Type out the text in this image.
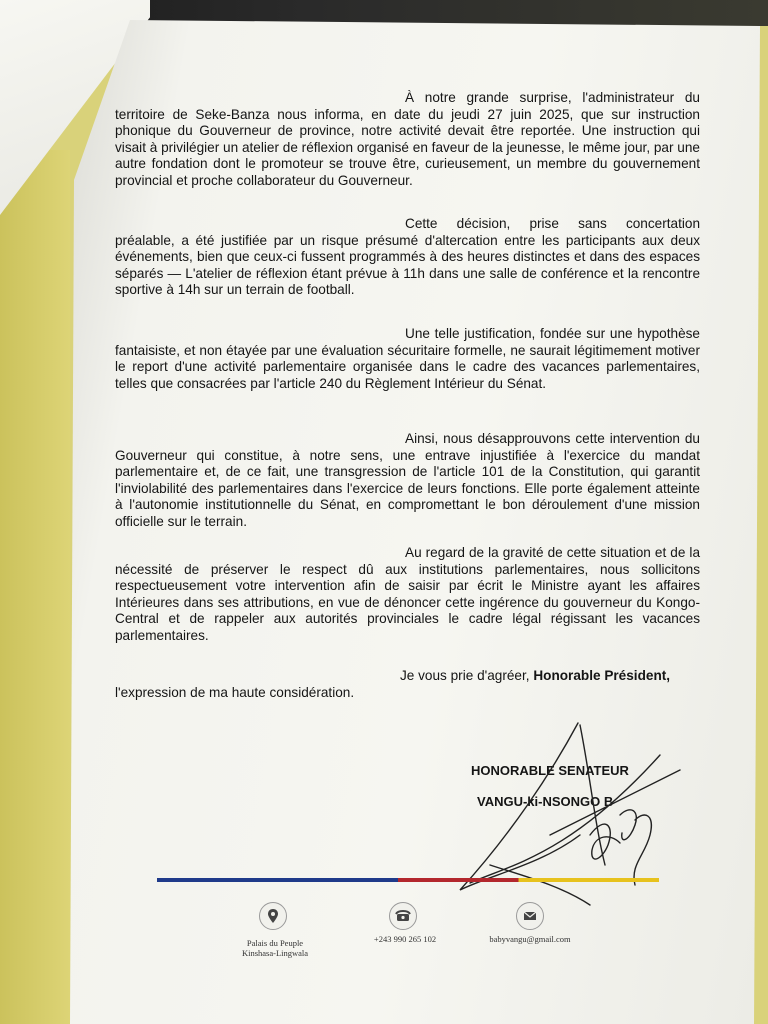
À notre grande surprise, l'administrateur du territoire de Seke-Banza nous informa, en date du jeudi 27 juin 2025, que sur instruction phonique du Gouverneur de province, notre activité devait être reportée. Une instruction qui visait à privilégier un atelier de réflexion organisé en faveur de la jeunesse, le même jour, par une autre fondation dont le promoteur se trouve être, curieusement, un membre du gouvernement provincial et proche collaborateur du Gouverneur.

Cette décision, prise sans concertation préalable, a été justifiée par un risque présumé d'altercation entre les participants aux deux événements, bien que ceux-ci fussent programmés à des heures distinctes et dans des espaces séparés — L'atelier de réflexion étant prévue à 11h dans une salle de conférence et la rencontre sportive à 14h sur un terrain de football.

Une telle justification, fondée sur une hypothèse fantaisiste, et non étayée par une évaluation sécuritaire formelle, ne saurait légitimement motiver le report d'une activité parlementaire organisée dans le cadre des vacances parlementaires, telles que consacrées par l'article 240 du Règlement Intérieur du Sénat.

Ainsi, nous désapprouvons cette intervention du Gouverneur qui constitue, à notre sens, une entrave injustifiée à l'exercice du mandat parlementaire et, de ce fait, une transgression de l'article 101 de la Constitution, qui garantit l'inviolabilité des parlementaires dans l'exercice de leurs fonctions. Elle porte également atteinte à l'autonomie institutionnelle du Sénat, en compromettant le bon déroulement d'une mission officielle sur le terrain.

Au regard de la gravité de cette situation et de la nécessité de préserver le respect dû aux institutions parlementaires, nous sollicitons respectueusement votre intervention afin de saisir par écrit le Ministre ayant les affaires Intérieures dans ses attributions, en vue de dénoncer cette ingérence du gouverneur du Kongo-Central et de rappeler aux autorités provinciales le cadre légal régissant les vacances parlementaires.

Je vous prie d'agréer, Honorable Président, l'expression de ma haute considération.

HONORABLE SENATEUR
VANGU-ki-NSONGO B
Palais du Peuple
Kinshasa-Lingwala
+243 990 265 102	babyvangu@gmail.com
